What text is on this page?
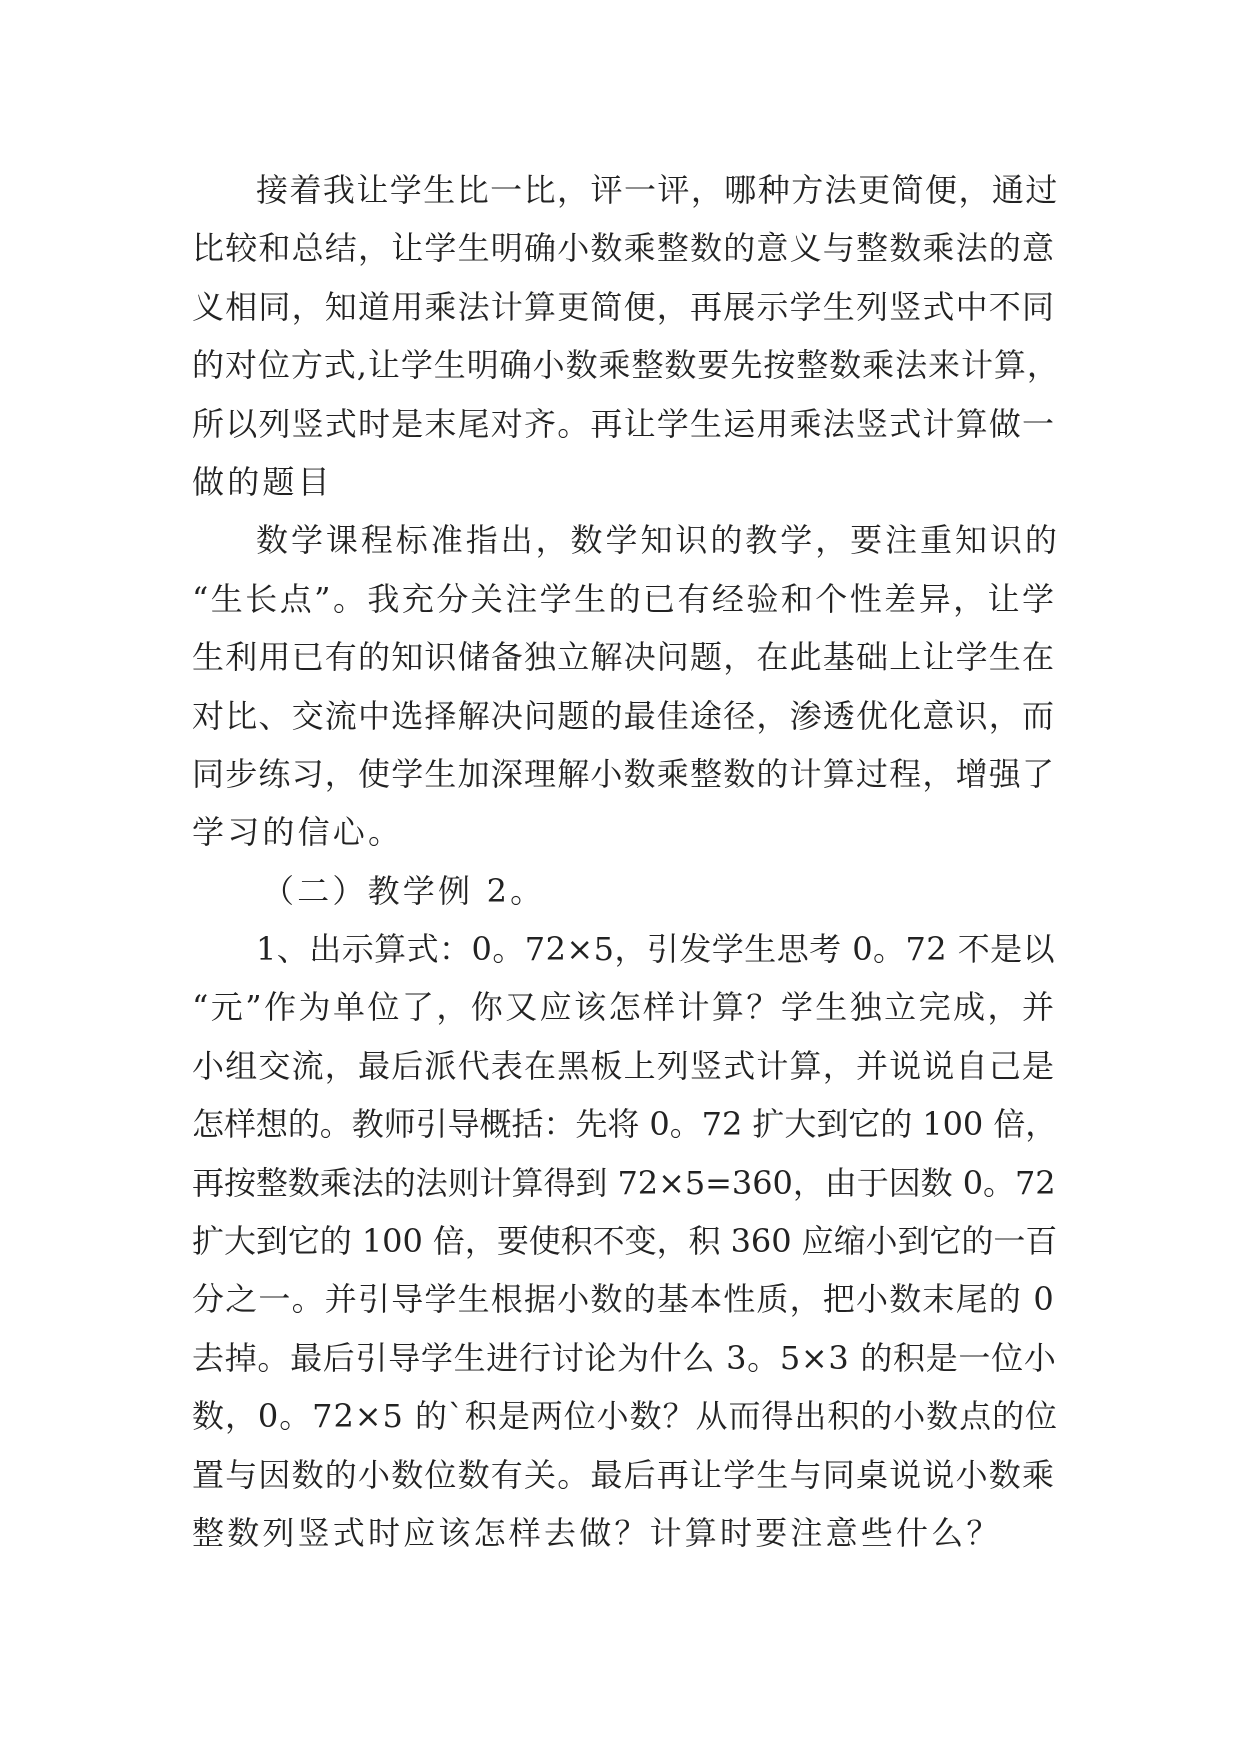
接着我让学生比一比，评一评，哪种方法更简便，通过
比较和总结，让学生明确小数乘整数的意义与整数乘法的意
义相同，知道用乘法计算更简便，再展示学生列竖式中不同
的对位方式,让学生明确小数乘整数要先按整数乘法来计算，
所以列竖式时是末尾对齐。再让学生运用乘法竖式计算做一
做的题目
数学课程标准指出，数学知识的教学，要注重知识的
“生长点”。我充分关注学生的已有经验和个性差异，让学
生利用已有的知识储备独立解决问题，在此基础上让学生在
对比、交流中选择解决问题的最佳途径，渗透优化意识，而
同步练习，使学生加深理解小数乘整数的计算过程，增强了
学习的信心。
（二）教学例 2。
1、出示算式：0。72×5，引发学生思考 0。72 不是以
“元”作为单位了，你又应该怎样计算？学生独立完成，并
小组交流，最后派代表在黑板上列竖式计算，并说说自己是
怎样想的。教师引导概括：先将 0。72 扩大到它的 100 倍，
再按整数乘法的法则计算得到 72×5=360，由于因数 0。72
扩大到它的 100 倍，要使积不变，积 360 应缩小到它的一百
分之一。并引导学生根据小数的基本性质，把小数末尾的 0
去掉。最后引导学生进行讨论为什么 3。5×3 的积是一位小
数，0。72×5 的`积是两位小数？从而得出积的小数点的位
置与因数的小数位数有关。最后再让学生与同桌说说小数乘
整数列竖式时应该怎样去做？计算时要注意些什么？
